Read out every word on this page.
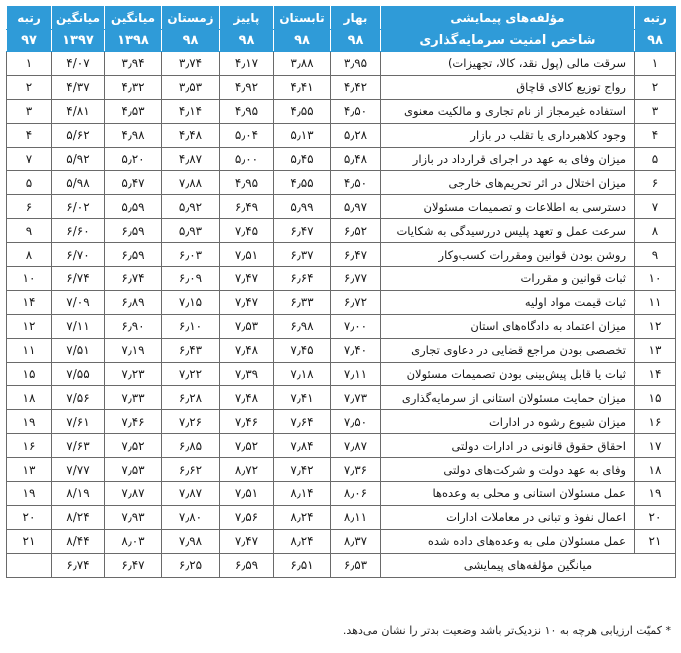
رتبه	مؤلفه‌های پیمایشی	بهار	تابستان	پاییز	زمستان	میانگین	میانگین	رتبه
۹۸	شاخص امنیت سرمایه‌گذاری	۹۸	۹۸	۹۸	۹۸	۱۳۹۸	۱۳۹۷	۹۷
۱	سرقت مالی (پول نقد، کالا، تجهیزات)	۳٫۹۵	۳٫۸۸	۴٫۱۷	۳٫۷۴	۳٫۹۴	۴/۰۷	۱
۲	رواج توزیع کالای قاچاق	۴٫۴۲	۴٫۴۱	۴٫۹۲	۳٫۵۳	۴٫۳۲	۴/۳۷	۲
۳	استفاده غیرمجاز از نام تجاری و مالکیت معنوی	۴٫۵۰	۴٫۵۵	۴٫۹۵	۴٫۱۴	۴٫۵۳	۴/۸۱	۳
۴	وجود کلاهبرداری یا تقلب در بازار	۵٫۲۸	۵٫۱۳	۵٫۰۴	۴٫۴۸	۴٫۹۸	۵/۶۲	۴
۵	میزان وفای به عهد در اجرای قرارداد در بازار	۵٫۴۸	۵٫۴۵	۵٫۰۰	۴٫۸۷	۵٫۲۰	۵/۹۲	۷
۶	میزان اختلال در اثر تحریم‌های خارجی	۴٫۵۰	۴٫۵۵	۴٫۹۵	۷٫۸۸	۵٫۴۷	۵/۹۸	۵
۷	دسترسی به اطلاعات و تصمیمات مسئولان	۵٫۹۷	۵٫۹۹	۶٫۴۹	۵٫۹۲	۵٫۵۹	۶/۰۲	۶
۸	سرعت عمل و تعهد پلیس دررسیدگی به شکایات	۶٫۵۲	۶٫۴۷	۷٫۴۵	۵٫۹۳	۶٫۵۹	۶/۶۰	۹
۹	روشن بودن قوانین ومقررات کسب‌وکار	۶٫۴۷	۶٫۳۷	۷٫۵۱	۶٫۰۳	۶٫۵۹	۶/۷۰	۸
۱۰	ثبات قوانین و مقررات	۶٫۷۷	۶٫۶۴	۷٫۴۷	۶٫۰۹	۶٫۷۴	۶/۷۴	۱۰
۱۱	ثبات قیمت مواد اولیه	۶٫۷۲	۶٫۳۳	۷٫۴۷	۷٫۱۵	۶٫۸۹	۷/۰۹	۱۴
۱۲	میزان اعتماد به دادگاه‌های استان	۷٫۰۰	۶٫۹۸	۷٫۵۳	۶٫۱۰	۶٫۹۰	۷/۱۱	۱۲
۱۳	تخصصی بودن مراجع قضایی در دعاوی تجاری	۷٫۴۰	۷٫۴۵	۷٫۴۸	۶٫۴۳	۷٫۱۹	۷/۵۱	۱۱
۱۴	ثبات یا قابل پیش‌بینی بودن تصمیمات مسئولان	۷٫۱۱	۷٫۱۸	۷٫۳۹	۷٫۲۲	۷٫۲۳	۷/۵۵	۱۵
۱۵	میزان حمایت مسئولان استانی از سرمایه‌گذاری	۷٫۷۳	۷٫۴۱	۷٫۴۸	۶٫۲۸	۷٫۳۳	۷/۵۶	۱۸
۱۶	میزان شیوع رشوه در ادارات	۷٫۵۰	۷٫۶۴	۷٫۴۶	۷٫۲۶	۷٫۴۶	۷/۶۱	۱۹
۱۷	احقاق حقوق قانونی در ادارات دولتی	۷٫۸۷	۷٫۸۴	۷٫۵۲	۶٫۸۵	۷٫۵۲	۷/۶۳	۱۶
۱۸	وفای به عهد دولت و شرکت‌های دولتی	۷٫۳۶	۷٫۴۲	۸٫۷۲	۶٫۶۲	۷٫۵۳	۷/۷۷	۱۳
۱۹	عمل مسئولان استانی و محلی به وعده‌ها	۸٫۰۶	۸٫۱۴	۷٫۵۱	۷٫۸۷	۷٫۸۷	۸/۱۹	۱۹
۲۰	اعمال نفوذ و تبانی در معاملات ادارات	۸٫۱۱	۸٫۲۴	۷٫۵۶	۷٫۸۰	۷٫۹۳	۸/۲۴	۲۰
۲۱	عمل مسئولان ملی به وعده‌های داده شده	۸٫۳۷	۸٫۲۴	۷٫۴۷	۷٫۹۸	۸٫۰۳	۸/۴۴	۲۱
میانگین مؤلفه‌های پیمایشی		۶٫۵۳	۶٫۵۱	۶٫۵۹	۶٫۲۵	۶٫۴۷	۶٫۷۴	
* کمیّت ارزیابی هرچه به ۱۰ نزدیک‌تر باشد وضعیت بدتر را نشان می‌دهد.
